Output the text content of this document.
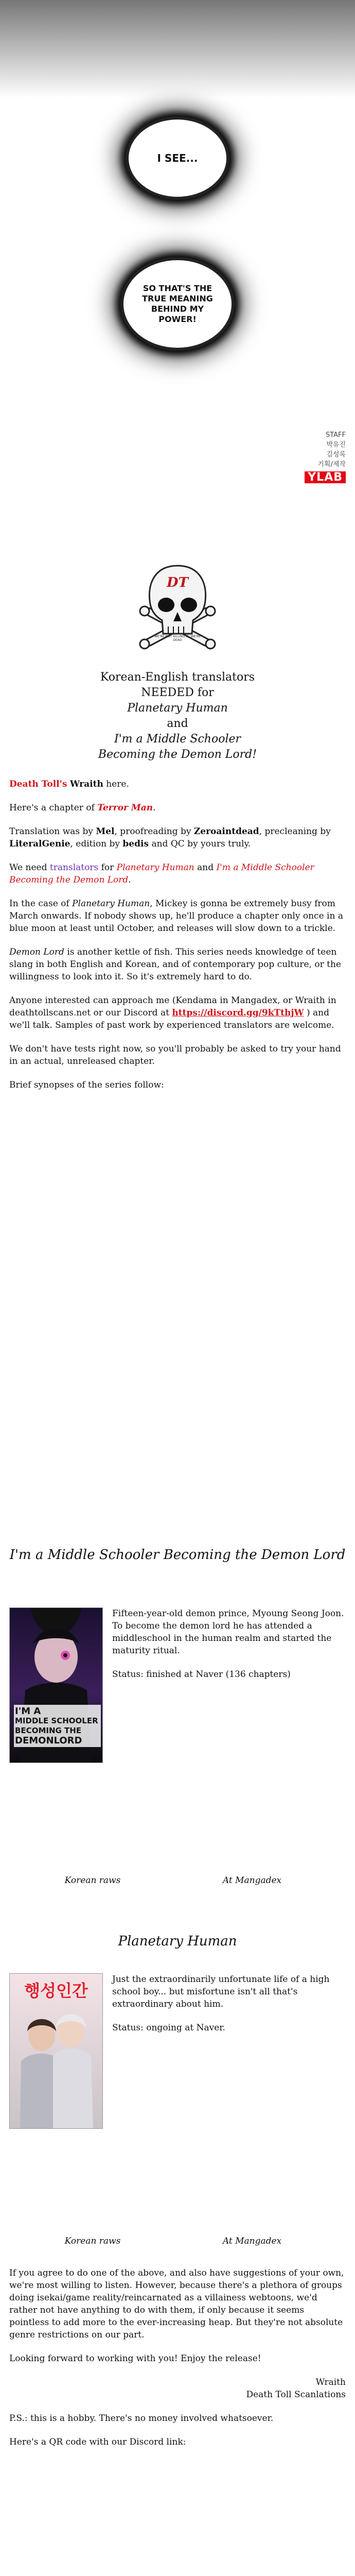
I SEE...
SO THAT'S THE TRUE MEANING BEHIND MY POWER!
STAFF
박유진
김성록
기획/제작
YLAB
DT
WE'RE NOT KILLING IT, WE'RE DEAD
Korean-English translators
NEEDED for
Planetary Human
and
I'm a Middle Schooler
Becoming the Demon Lord!

Death Toll's Wraith here.

Here's a chapter of Terror Man.

Translation was by Mel, proofreading by Zeroaintdead, precleaning by LiteralGenie, edition by bedis and QC by yours truly.

We need translators for Planetary Human and I'm a Middle Schooler Becoming the Demon Lord.

In the case of Planetary Human, Mickey is gonna be extremely busy from March onwards. If nobody shows up, he'll produce a chapter only once in a blue moon at least until October, and releases will slow down to a trickle.

Demon Lord is another kettle of fish. This series needs knowledge of teen slang in both English and Korean, and of contemporary pop culture, or the willingness to look into it. So it's extremely hard to do.

Anyone interested can approach me (Kendama in Mangadex, or Wraith in deathtollscans.net or our Discord at https://discord.gg/9kTthjW ) and we'll talk. Samples of past work by experienced translators are welcome.

We don't have tests right now, so you'll probably be asked to try your hand in an actual, unreleased chapter.

Brief synopses of the series follow:

I'm a Middle Schooler Becoming the Demon Lord
I'M A
MIDDLE SCHOOLER
BECOMING THE
DEMONLORD

Fifteen-year-old demon prince, Myoung Seong Joon. To become the demon lord he has attended a middleschool in the human realm and started the maturity ritual.

Status: finished at Naver (136 chapters)

Korean raws	At Mangadex
Planetary Human
행성인간

Just the extraordinarily unfortunate life of a high school boy... but misfortune isn't all that's extraordinary about him.

Status: ongoing at Naver.

Korean raws	At Mangadex

If you agree to do one of the above, and also have suggestions of your own, we're most willing to listen. However, because there's a plethora of groups doing isekai/game reality/reincarnated as a villainess webtoons, we'd rather not have anything to do with them, if only because it seems pointless to add more to the ever-increasing heap. But they're not absolute genre restrictions on our part.

Looking forward to working with you! Enjoy the release!

Wraith
Death Toll Scanlations

P.S.: this is a hobby. There's no money involved whatsoever.

Here's a QR code with our Discord link:
